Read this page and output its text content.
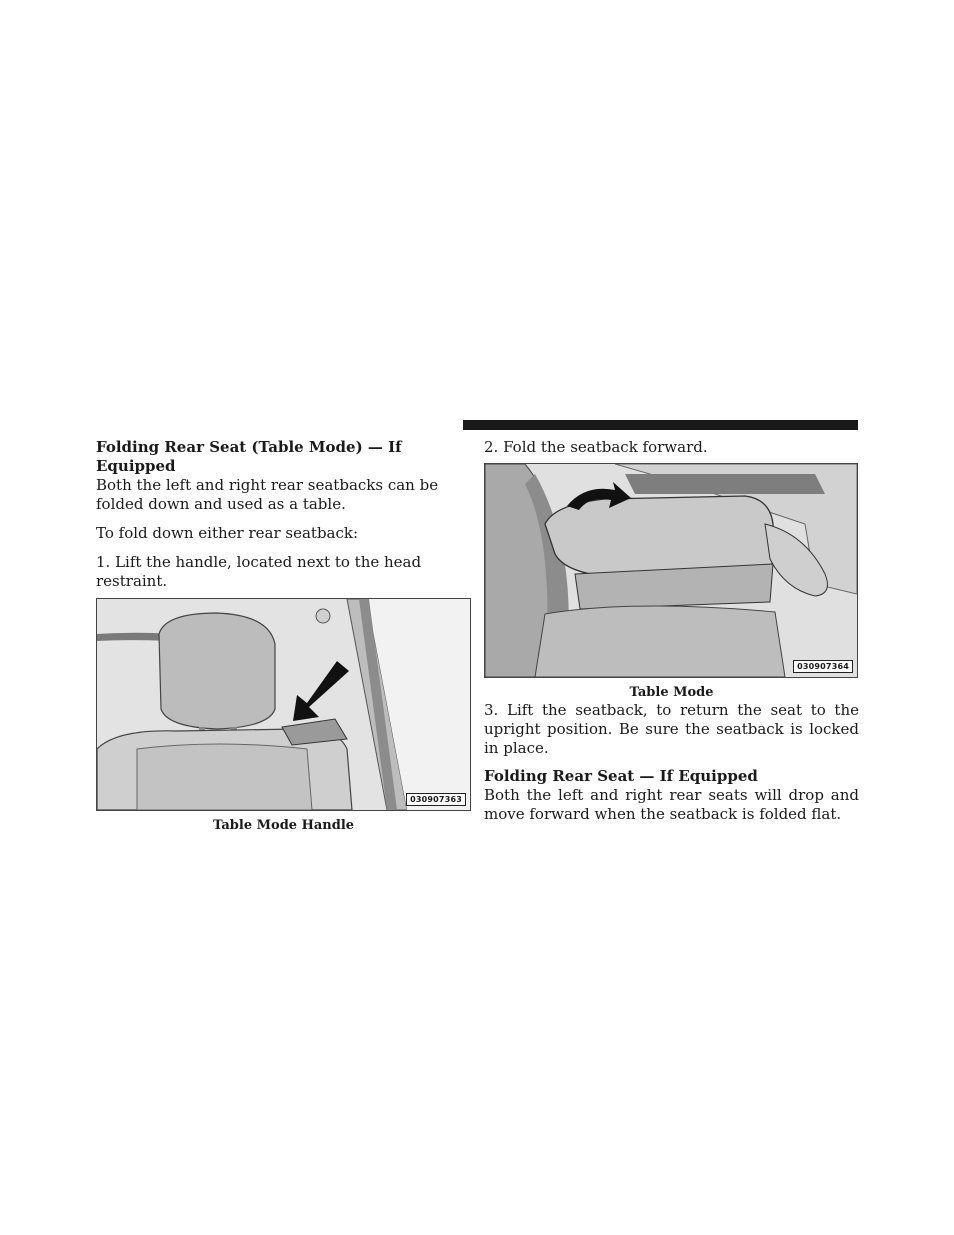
Folding Rear Seat (Table Mode) — If Equipped

Both the left and right rear seatbacks can be folded down and used as a table.

To fold down either rear seatback:

1. Lift the handle, located next to the head restraint.

030907363
Table Mode Handle

2. Fold the seatback forward.

030907364
Table Mode

3. Lift the seatback, to return the seat to the upright position. Be sure the seatback is locked in place.

Folding Rear Seat — If Equipped

Both the left and right rear seats will drop and move forward when the seatback is folded flat.
